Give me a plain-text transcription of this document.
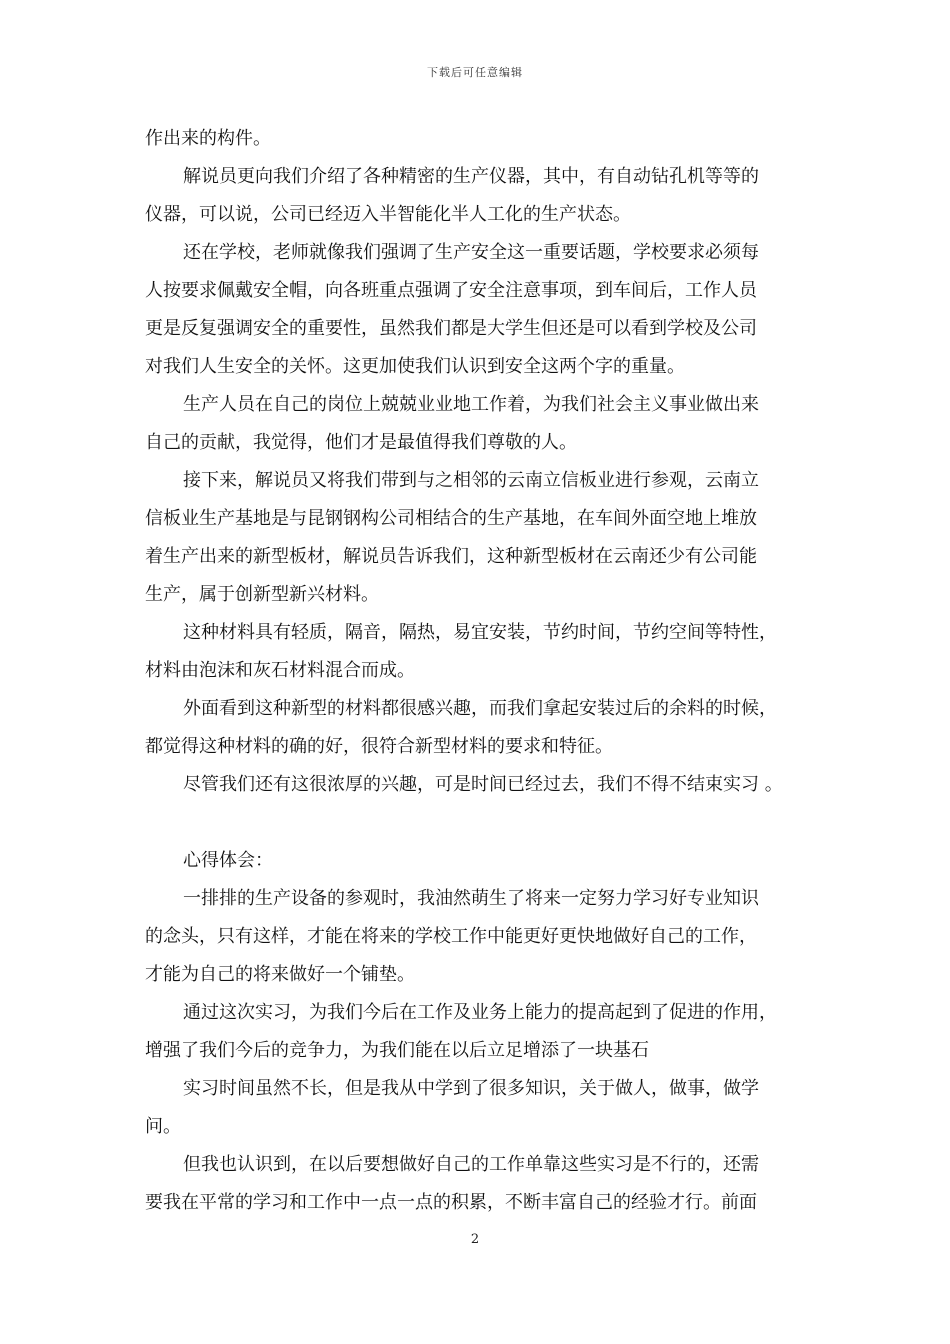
下载后可任意编辑
作出来的构件。
解说员更向我们介绍了各种精密的生产仪器，其中，有自动钻孔机等等的
仪器，可以说，公司已经迈入半智能化半人工化的生产状态。
还在学校，老师就像我们强调了生产安全这一重要话题，学校要求必须每
人按要求佩戴安全帽，向各班重点强调了安全注意事项，到车间后，工作人员
更是反复强调安全的重要性，虽然我们都是大学生但还是可以看到学校及公司
对我们人生安全的关怀。这更加使我们认识到安全这两个字的重量。
生产人员在自己的岗位上兢兢业业地工作着，为我们社会主义事业做出来
自己的贡献，我觉得，他们才是最值得我们尊敬的人。
接下来，解说员又将我们带到与之相邻的云南立信板业进行参观，云南立
信板业生产基地是与昆钢钢构公司相结合的生产基地，在车间外面空地上堆放
着生产出来的新型板材，解说员告诉我们，这种新型板材在云南还少有公司能
生产，属于创新型新兴材料。
这种材料具有轻质，隔音，隔热，易宜安装，节约时间，节约空间等特性，
材料由泡沫和灰石材料混合而成。
外面看到这种新型的材料都很感兴趣，而我们拿起安装过后的余料的时候，
都觉得这种材料的确的好，很符合新型材料的要求和特征。
尽管我们还有这很浓厚的兴趣，可是时间已经过去，我们不得不结束实习 。
心得体会：
一排排的生产设备的参观时，我油然萌生了将来一定努力学习好专业知识
的念头，只有这样，才能在将来的学校工作中能更好更快地做好自己的工作，
才能为自己的将来做好一个铺垫。
通过这次实习，为我们今后在工作及业务上能力的提高起到了促进的作用，
增强了我们今后的竞争力，为我们能在以后立足增添了一块基石
实习时间虽然不长，但是我从中学到了很多知识，关于做人，做事，做学
问。
但我也认识到，在以后要想做好自己的工作单靠这些实习是不行的，还需
要我在平常的学习和工作中一点一点的积累，不断丰富自己的经验才行。前面
2
